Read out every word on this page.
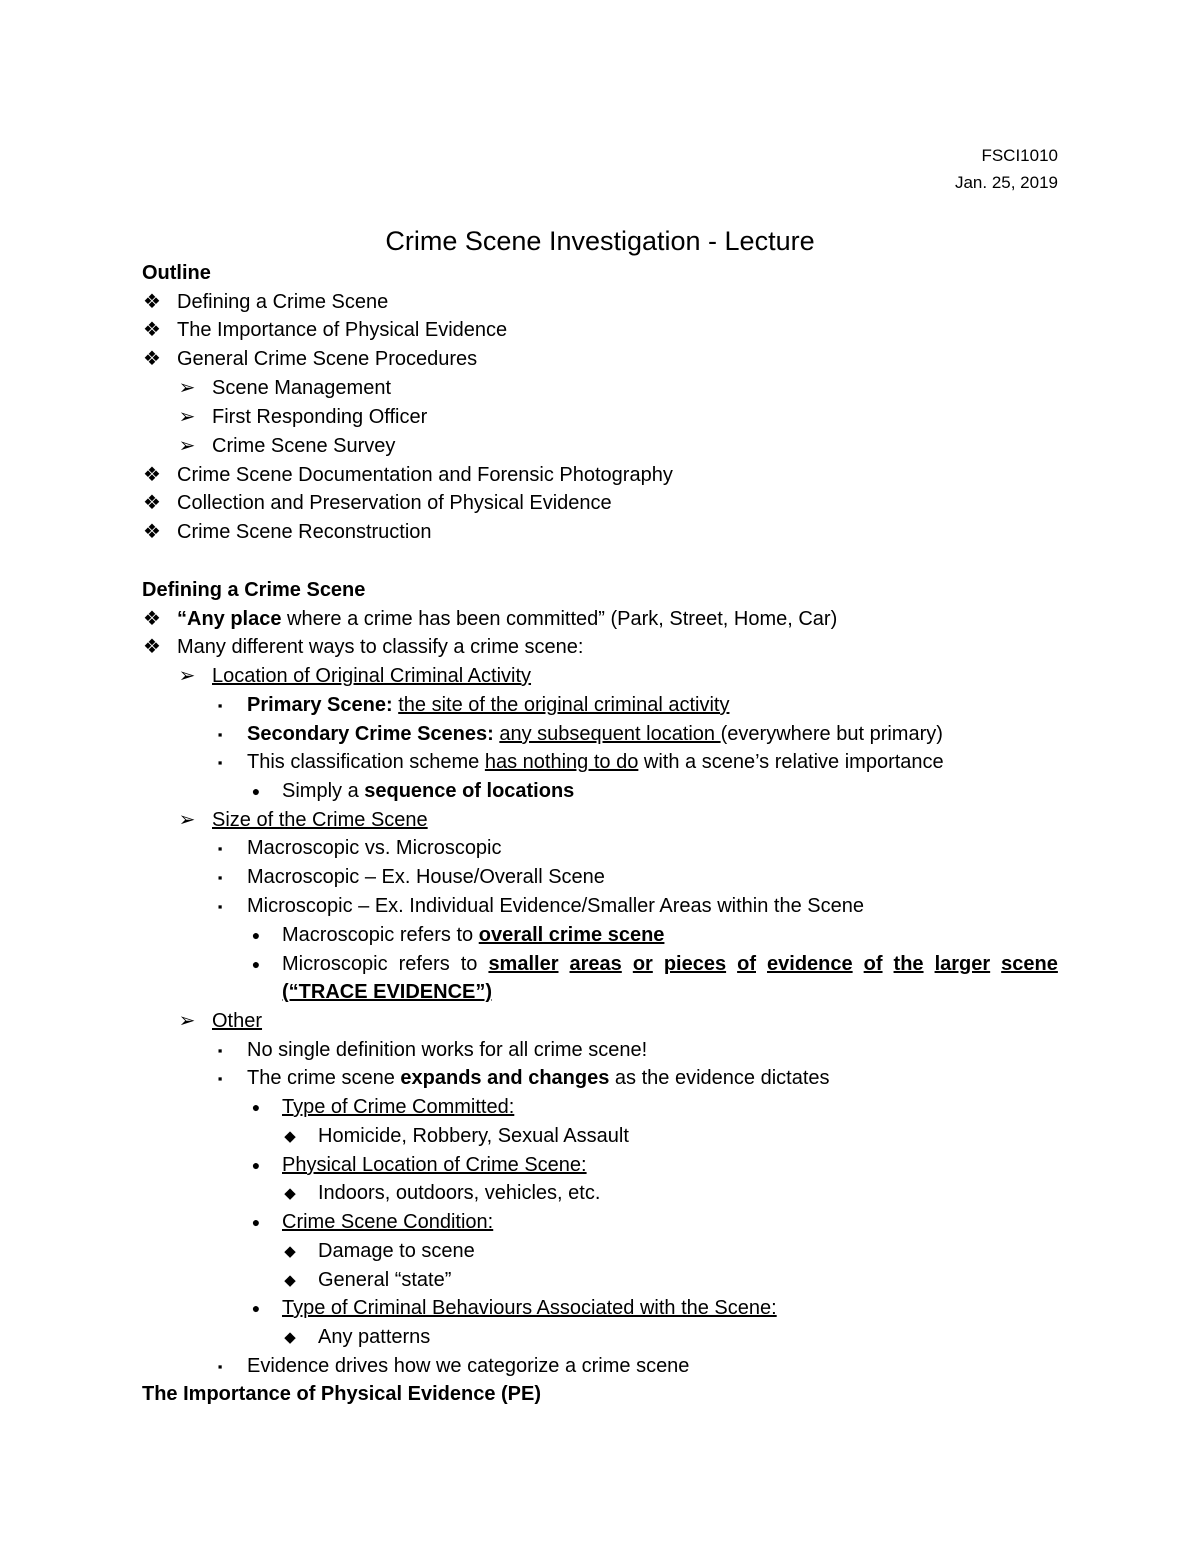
FSCI1010
Jan. 25, 2019
Crime Scene Investigation - Lecture
Outline
❖ Defining a Crime Scene
❖ The Importance of Physical Evidence
❖ General Crime Scene Procedures
➢ Scene Management
➢ First Responding Officer
➢ Crime Scene Survey
❖ Crime Scene Documentation and Forensic Photography
❖ Collection and Preservation of Physical Evidence
❖ Crime Scene Reconstruction
Defining a Crime Scene
❖ “Any place where a crime has been committed” (Park, Street, Home, Car)
❖ Many different ways to classify a crime scene:
➢ Location of Original Criminal Activity
▪	Primary Scene: the site of the original criminal activity
▪	Secondary Crime Scenes: any subsequent location (everywhere but primary)
▪	This classification scheme has nothing to do with a scene’s relative importance
●	Simply a sequence of locations
➢ Size of the Crime Scene
▪	Macroscopic vs. Microscopic
▪	Macroscopic – Ex. House/Overall Scene
▪	Microscopic – Ex. Individual Evidence/Smaller Areas within the Scene
●	Macroscopic refers to overall crime scene
●	Microscopic refers to smaller areas or pieces of evidence of the larger scene
(“TRACE EVIDENCE”)
➢ Other
▪	No single definition works for all crime scene!
▪	The crime scene expands and changes as the evidence dictates
●	Type of Crime Committed:
◆	Homicide, Robbery, Sexual Assault
●	Physical Location of Crime Scene:
◆	Indoors, outdoors, vehicles, etc.
●	Crime Scene Condition:
◆	Damage to scene
◆	General “state”
●	Type of Criminal Behaviours Associated with the Scene:
◆	Any patterns
▪	Evidence drives how we categorize a crime scene
The Importance of Physical Evidence (PE)
